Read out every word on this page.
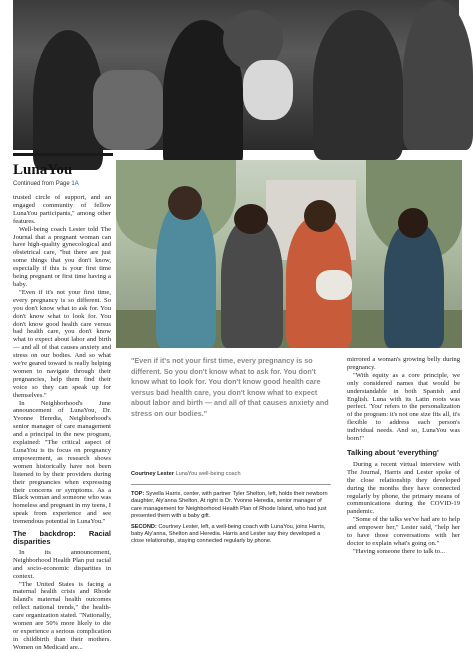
LunaYou
Continued from Page 1A

trusted circle of support, and an engaged community of fellow LunaYou participants," among other features.

Well-being coach Lester told The Journal that a pregnant woman can have high-quality gynecological and obstetrical care, "but there are just some things that you don't know, especially if this is your first time being pregnant or first time having a baby.

"Even if it's not your first time, every pregnancy is so different. So you don't know what to ask for. You don't know what to look for. You don't know good health care versus bad health care, you don't know what to expect about labor and birth — and all of that causes anxiety and stress on our bodies. And so what we're geared toward is really helping women to navigate through their pregnancies, help them find their voice so they can speak up for themselves."

In Neighborhood's June announcement of LunaYou, Dr. Yvonne Heredia, Neighborhood's senior manager of care management and a principal in the new program, explained: "The critical aspect of LunaYou is its focus on pregnancy empowerment, as research shows women historically have not been listened to by their providers during their pregnancies when expressing their concerns or symptoms. As a Black woman and someone who was homeless and pregnant in my teens, I speak from experience and see tremendous potential in LunaYou."

The backdrop: Racial disparities

In its announcement, Neighborhood Health Plan put racial and socio-economic disparities in context.

"The United States is facing a maternal health crisis and Rhode Island's maternal health outcomes reflect national trends," the health-care organization stated. "Nationally, women are 50% more likely to die or experience a serious complication in childbirth than their mothers. Women on Medicaid are...

"Even if it's not your first time, every pregnancy is so different. So you don't know what to ask for. You don't know what to look for. You don't know good health care versus bad health care, you don't know what to expect about labor and birth — and all of that causes anxiety and stress on our bodies."
Courtney Lester LunaYou well-being coach

TOP: Syvella Harris, center, with partner Tyler Shelton, left, holds their newborn daughter, Aly'anna Shelton. At right is Dr. Yvonne Heredia, senior manager of care management for Neighborhood Health Plan of Rhode Island, who had just presented them with a baby gift.

SECOND: Courtney Lester, left, a well-being coach with LunaYou, joins Harris, baby Aly'anna, Shelton and Heredia. Harris and Lester say they developed a close relationship, staying connected regularly by phone.

mirrored a woman's growing belly during pregnancy.

"With equity as a core principle, we only considered names that would be understandable in both Spanish and English. Luna with its Latin roots was perfect. 'You' refers to the personalization of the program: it's not one size fits all, it's flexible to address each person's individual needs. And so, LunaYou was born!"

Talking about 'everything'

During a recent virtual interview with The Journal, Harris and Lester spoke of the close relationship they developed during the months they have connected regularly by phone, the primary means of communications during the COVID-19 pandemic.

"Some of the talks we've had are to help and empower her," Lester said, "help her to have those conversations with her doctor to explain what's going on."

"Having someone there to talk to...
